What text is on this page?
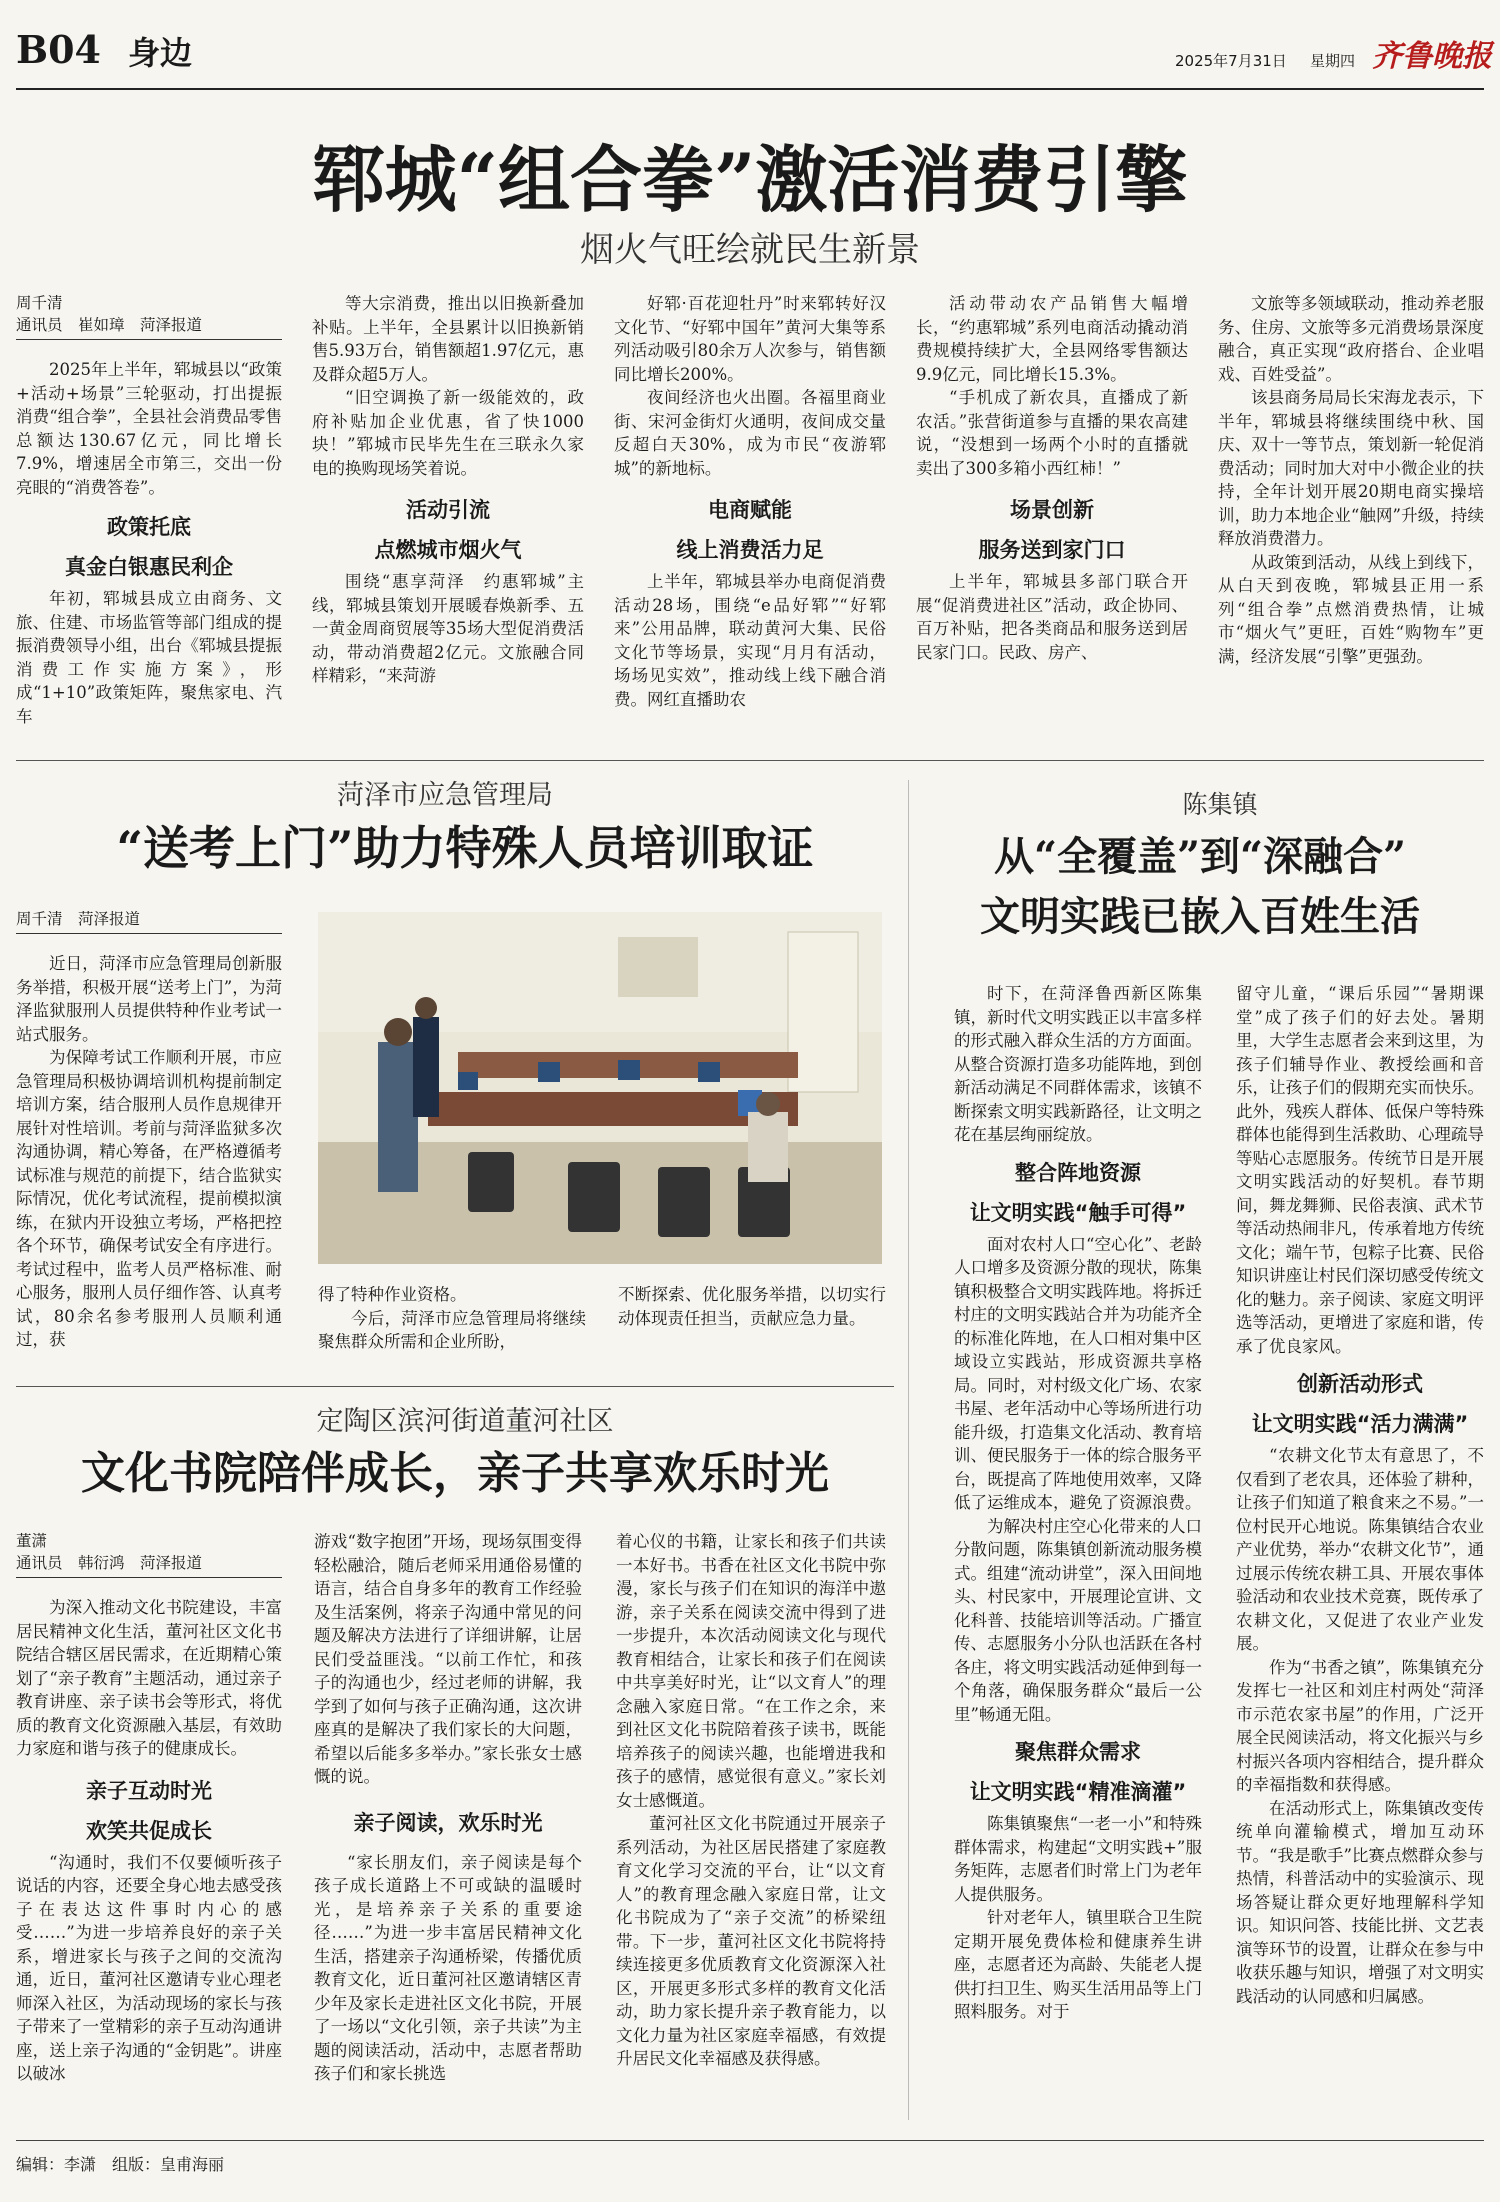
B04 身边	2025年7月31日 星期四 齐鲁晚报
郓城“组合拳”激活消费引擎
烟火气旺绘就民生新景
周千清
通讯员　崔如璋　菏泽报道

2025年上半年，郓城县以“政策+活动+场景”三轮驱动，打出提振消费“组合拳”，全县社会消费品零售总额达130.67亿元，同比增长7.9%，增速居全市第三，交出一份亮眼的“消费答卷”。

政策托底
真金白银惠民利企

年初，郓城县成立由商务、文旅、住建、市场监管等部门组成的提振消费领导小组，出台《郓城县提振消费工作实施方案》，形成“1+10”政策矩阵，聚焦家电、汽车

等大宗消费，推出以旧换新叠加补贴。上半年，全县累计以旧换新销售5.93万台，销售额超1.97亿元，惠及群众超5万人。

“旧空调换了新一级能效的，政府补贴加企业优惠，省了快1000块！”郓城市民毕先生在三联永久家电的换购现场笑着说。

活动引流
点燃城市烟火气

围绕“惠享菏泽　约惠郓城”主线，郓城县策划开展暖春焕新季、五一黄金周商贸展等35场大型促消费活动，带动消费超2亿元。文旅融合同样精彩，“来菏游

好郓·百花迎牡丹”时来郓转好汉文化节、“好郓中国年”黄河大集等系列活动吸引80余万人次参与，销售额同比增长200%。

夜间经济也火出圈。各福里商业街、宋河金街灯火通明，夜间成交量反超白天30%，成为市民“夜游郓城”的新地标。

电商赋能
线上消费活力足

上半年，郓城县举办电商促消费活动28场，围绕“e品好郓”“好郓来”公用品牌，联动黄河大集、民俗文化节等场景，实现“月月有活动，场场见实效”，推动线上线下融合消费。网红直播助农

活动带动农产品销售大幅增长，“约惠郓城”系列电商活动撬动消费规模持续扩大，全县网络零售额达9.9亿元，同比增长15.3%。

“手机成了新农具，直播成了新农活。”张营街道参与直播的果农高建说，“没想到一场两个小时的直播就卖出了300多箱小西红柿！”

场景创新
服务送到家门口

上半年，郓城县多部门联合开展“促消费进社区”活动，政企协同、百万补贴，把各类商品和服务送到居民家门口。民政、房产、

文旅等多领域联动，推动养老服务、住房、文旅等多元消费场景深度融合，真正实现“政府搭台、企业唱戏、百姓受益”。

该县商务局局长宋海龙表示，下半年，郓城县将继续围绕中秋、国庆、双十一等节点，策划新一轮促消费活动；同时加大对中小微企业的扶持，全年计划开展20期电商实操培训，助力本地企业“触网”升级，持续释放消费潜力。

从政策到活动，从线上到线下，从白天到夜晚，郓城县正用一系列“组合拳”点燃消费热情，让城市“烟火气”更旺，百姓“购物车”更满，经济发展“引擎”更强劲。

菏泽市应急管理局
“送考上门”助力特殊人员培训取证
周千清　菏泽报道

近日，菏泽市应急管理局创新服务举措，积极开展“送考上门”，为菏泽监狱服刑人员提供特种作业考试一站式服务。

为保障考试工作顺利开展，市应急管理局积极协调培训机构提前制定培训方案，结合服刑人员作息规律开展针对性培训。考前与菏泽监狱多次沟通协调，精心筹备，在严格遵循考试标准与规范的前提下，结合监狱实际情况，优化考试流程，提前模拟演练，在狱内开设独立考场，严格把控各个环节，确保考试安全有序进行。考试过程中，监考人员严格标准、耐心服务，服刑人员仔细作答、认真考试，80余名参考服刑人员顺利通过，获

得了特种作业资格。

今后，菏泽市应急管理局将继续聚焦群众所需和企业所盼，

不断探索、优化服务举措，以切实行动体现责任担当，贡献应急力量。

定陶区滨河街道董河社区
文化书院陪伴成长，亲子共享欢乐时光
董潇
通讯员　韩衍鸿　菏泽报道

为深入推动文化书院建设，丰富居民精神文化生活，董河社区文化书院结合辖区居民需求，在近期精心策划了“亲子教育”主题活动，通过亲子教育讲座、亲子读书会等形式，将优质的教育文化资源融入基层，有效助力家庭和谐与孩子的健康成长。

亲子互动时光
欢笑共促成长

“沟通时，我们不仅要倾听孩子说话的内容，还要全身心地去感受孩子在表达这件事时内心的感受……”为进一步培养良好的亲子关系，增进家长与孩子之间的交流沟通，近日，董河社区邀请专业心理老师深入社区，为活动现场的家长与孩子带来了一堂精彩的亲子互动沟通讲座，送上亲子沟通的“金钥匙”。讲座以破冰

游戏“数字抱团”开场，现场氛围变得轻松融洽，随后老师采用通俗易懂的语言，结合自身多年的教育工作经验及生活案例，将亲子沟通中常见的问题及解决方法进行了详细讲解，让居民们受益匪浅。“以前工作忙，和孩子的沟通也少，经过老师的讲解，我学到了如何与孩子正确沟通，这次讲座真的是解决了我们家长的大问题，希望以后能多多举办。”家长张女士感慨的说。

亲子阅读，欢乐时光

“家长朋友们，亲子阅读是每个孩子成长道路上不可或缺的温暖时光，是培养亲子关系的重要途径……”为进一步丰富居民精神文化生活，搭建亲子沟通桥梁，传播优质教育文化，近日董河社区邀请辖区青少年及家长走进社区文化书院，开展了一场以“文化引领，亲子共读”为主题的阅读活动，活动中，志愿者帮助孩子们和家长挑选

着心仪的书籍，让家长和孩子们共读一本好书。书香在社区文化书院中弥漫，家长与孩子们在知识的海洋中遨游，亲子关系在阅读交流中得到了进一步提升，本次活动阅读文化与现代教育相结合，让家长和孩子们在阅读中共享美好时光，让“以文育人”的理念融入家庭日常。“在工作之余，来到社区文化书院陪着孩子读书，既能培养孩子的阅读兴趣，也能增进我和孩子的感情，感觉很有意义。”家长刘女士感慨道。

董河社区文化书院通过开展亲子系列活动，为社区居民搭建了家庭教育文化学习交流的平台，让“以文育人”的教育理念融入家庭日常，让文化书院成为了“亲子交流”的桥梁纽带。下一步，董河社区文化书院将持续连接更多优质教育文化资源深入社区，开展更多形式多样的教育文化活动，助力家长提升亲子教育能力，以文化力量为社区家庭幸福感，有效提升居民文化幸福感及获得感。

陈集镇
从“全覆盖”到“深融合”
文明实践已嵌入百姓生活

时下，在菏泽鲁西新区陈集镇，新时代文明实践正以丰富多样的形式融入群众生活的方方面面。从整合资源打造多功能阵地，到创新活动满足不同群体需求，该镇不断探索文明实践新路径，让文明之花在基层绚丽绽放。

整合阵地资源
让文明实践“触手可得”

面对农村人口“空心化”、老龄人口增多及资源分散的现状，陈集镇积极整合文明实践阵地。将拆迁村庄的文明实践站合并为功能齐全的标准化阵地，在人口相对集中区域设立实践站，形成资源共享格局。同时，对村级文化广场、农家书屋、老年活动中心等场所进行功能升级，打造集文化活动、教育培训、便民服务于一体的综合服务平台，既提高了阵地使用效率，又降低了运维成本，避免了资源浪费。

为解决村庄空心化带来的人口分散问题，陈集镇创新流动服务模式。组建“流动讲堂”，深入田间地头、村民家中，开展理论宣讲、文化科普、技能培训等活动。广播宣传、志愿服务小分队也活跃在各村各庄，将文明实践活动延伸到每一个角落，确保服务群众“最后一公里”畅通无阻。

聚焦群众需求
让文明实践“精准滴灌”

陈集镇聚焦“一老一小”和特殊群体需求，构建起“文明实践+”服务矩阵，志愿者们时常上门为老年人提供服务。

针对老年人，镇里联合卫生院定期开展免费体检和健康养生讲座，志愿者还为高龄、失能老人提供打扫卫生、购买生活用品等上门照料服务。对于

留守儿童，“课后乐园”“暑期课堂”成了孩子们的好去处。暑期里，大学生志愿者会来到这里，为孩子们辅导作业、教授绘画和音乐，让孩子们的假期充实而快乐。此外，残疾人群体、低保户等特殊群体也能得到生活救助、心理疏导等贴心志愿服务。传统节日是开展文明实践活动的好契机。春节期间，舞龙舞狮、民俗表演、武术节等活动热闹非凡，传承着地方传统文化；端午节，包粽子比赛、民俗知识讲座让村民们深切感受传统文化的魅力。亲子阅读、家庭文明评选等活动，更增进了家庭和谐，传承了优良家风。

创新活动形式
让文明实践“活力满满”

“农耕文化节太有意思了，不仅看到了老农具，还体验了耕种，让孩子们知道了粮食来之不易。”一位村民开心地说。陈集镇结合农业产业优势，举办“农耕文化节”，通过展示传统农耕工具、开展农事体验活动和农业技术竞赛，既传承了农耕文化，又促进了农业产业发展。

作为“书香之镇”，陈集镇充分发挥七一社区和刘庄村两处“菏泽市示范农家书屋”的作用，广泛开展全民阅读活动，将文化振兴与乡村振兴各项内容相结合，提升群众的幸福指数和获得感。

在活动形式上，陈集镇改变传统单向灌输模式，增加互动环节。“我是歌手”比赛点燃群众参与热情，科普活动中的实验演示、现场答疑让群众更好地理解科学知识。知识问答、技能比拼、文艺表演等环节的设置，让群众在参与中收获乐趣与知识，增强了对文明实践活动的认同感和归属感。

编辑：李潇 组版：皇甫海丽
